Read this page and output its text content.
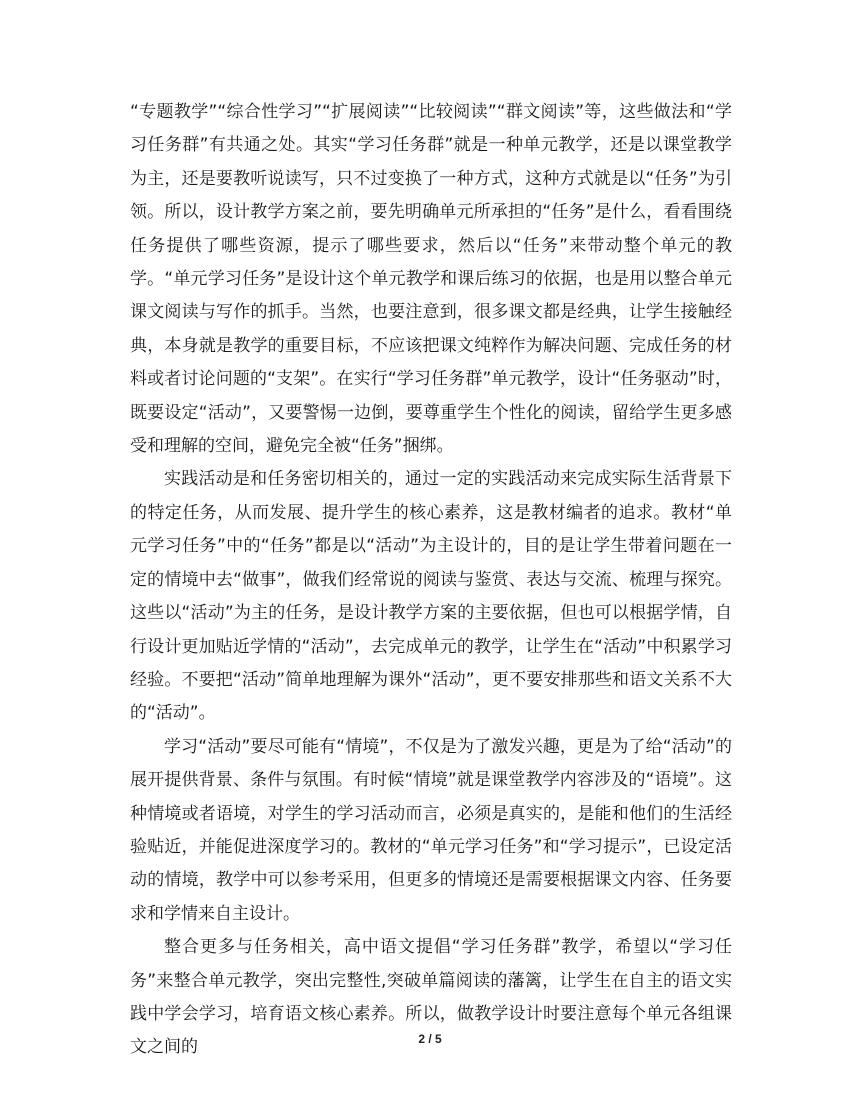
“专题教学”“综合性学习”“扩展阅读”“比较阅读”“群文阅读”等，这些做法和“学习任务群”有共通之处。其实“学习任务群”就是一种单元教学，还是以课堂教学为主，还是要教听说读写，只不过变换了一种方式，这种方式就是以“任务”为引领。所以，设计教学方案之前，要先明确单元所承担的“任务”是什么，看看围绕任务提供了哪些资源，提示了哪些要求，然后以“任务”来带动整个单元的教学。“单元学习任务”是设计这个单元教学和课后练习的依据，也是用以整合单元课文阅读与写作的抓手。当然，也要注意到，很多课文都是经典，让学生接触经典，本身就是教学的重要目标，不应该把课文纯粹作为解决问题、完成任务的材料或者讨论问题的“支架”。在实行“学习任务群”单元教学，设计“任务驱动”时，既要设定“活动”，又要警惕一边倒，要尊重学生个性化的阅读，留给学生更多感受和理解的空间，避免完全被“任务”捆绑。

实践活动是和任务密切相关的，通过一定的实践活动来完成实际生活背景下的特定任务，从而发展、提升学生的核心素养，这是教材编者的追求。教材“单元学习任务”中的“任务”都是以“活动”为主设计的，目的是让学生带着问题在一定的情境中去“做事”，做我们经常说的阅读与鉴赏、表达与交流、梳理与探究。这些以“活动”为主的任务，是设计教学方案的主要依据，但也可以根据学情，自行设计更加贴近学情的“活动”，去完成单元的教学，让学生在“活动”中积累学习经验。不要把“活动”简单地理解为课外“活动”，更不要安排那些和语文关系不大的“活动”。

学习“活动”要尽可能有“情境”，不仅是为了激发兴趣，更是为了给“活动”的展开提供背景、条件与氛围。有时候“情境”就是课堂教学内容涉及的“语境”。这种情境或者语境，对学生的学习活动而言，必须是真实的，是能和他们的生活经验贴近，并能促进深度学习的。教材的“单元学习任务”和“学习提示”，已设定活动的情境，教学中可以参考采用，但更多的情境还是需要根据课文内容、任务要求和学情来自主设计。

整合更多与任务相关，高中语文提倡“学习任务群”教学，希望以“学习任务”来整合单元教学，突出完整性,突破单篇阅读的藩篱，让学生在自主的语文实践中学会学习，培育语文核心素养。所以，做教学设计时要注意每个单元各组课文之间的	2 / 5
